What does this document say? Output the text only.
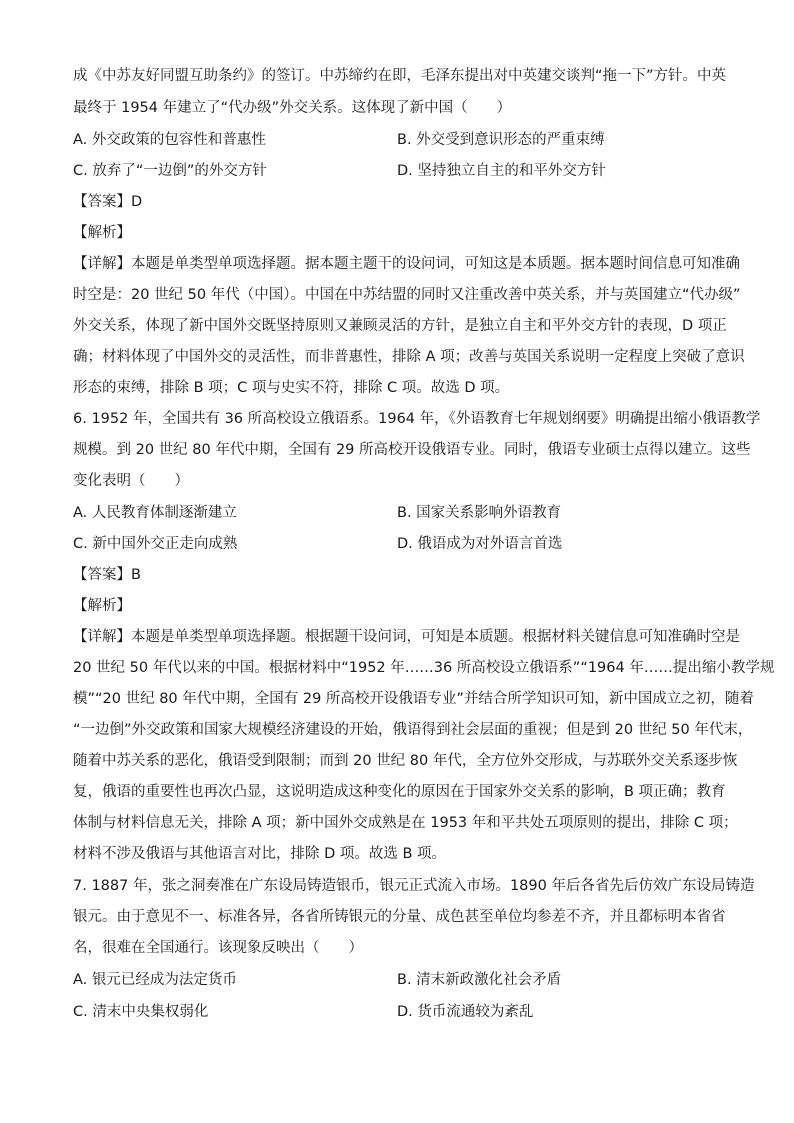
成《中苏友好同盟互助条约》的签订。中苏缔约在即，毛泽东提出对中英建交谈判“拖一下”方针。中英
最终于 1954 年建立了“代办级”外交关系。这体现了新中国（　　）
A. 外交政策的包容性和普惠性	B. 外交受到意识形态的严重束缚
C. 放弃了“一边倒”的外交方针	D. 坚持独立自主的和平外交方针
【答案】D
【解析】
【详解】本题是单类型单项选择题。据本题主题干的设问词，可知这是本质题。据本题时间信息可知准确
时空是：20 世纪 50 年代（中国）。中国在中苏结盟的同时又注重改善中英关系，并与英国建立“代办级”
外交关系，体现了新中国外交既坚持原则又兼顾灵活的方针，是独立自主和平外交方针的表现，D 项正
确；材料体现了中国外交的灵活性，而非普惠性，排除 A 项；改善与英国关系说明一定程度上突破了意识
形态的束缚，排除 B 项；C 项与史实不符，排除 C 项。故选 D 项。
6. 1952 年，全国共有 36 所高校设立俄语系。1964 年，《外语教育七年规划纲要》明确提出缩小俄语教学
规模。到 20 世纪 80 年代中期，全国有 29 所高校开设俄语专业。同时，俄语专业硕士点得以建立。这些
变化表明（　　）
A. 人民教育体制逐渐建立	B. 国家关系影响外语教育
C. 新中国外交正走向成熟	D. 俄语成为对外语言首选
【答案】B
【解析】
【详解】本题是单类型单项选择题。根据题干设问词，可知是本质题。根据材料关键信息可知准确时空是
20 世纪 50 年代以来的中国。根据材料中“1952 年……36 所高校设立俄语系”“1964 年……提出缩小教学规
模”“20 世纪 80 年代中期，全国有 29 所高校开设俄语专业”并结合所学知识可知，新中国成立之初，随着
“一边倒”外交政策和国家大规模经济建设的开始，俄语得到社会层面的重视；但是到 20 世纪 50 年代末，
随着中苏关系的恶化，俄语受到限制；而到 20 世纪 80 年代，全方位外交形成，与苏联外交关系逐步恢
复，俄语的重要性也再次凸显，这说明造成这种变化的原因在于国家外交关系的影响，B 项正确；教育
体制与材料信息无关，排除 A 项；新中国外交成熟是在 1953 年和平共处五项原则的提出，排除 C 项；
材料不涉及俄语与其他语言对比，排除 D 项。故选 B 项。
7. 1887 年，张之洞奏准在广东设局铸造银币，银元正式流入市场。1890 年后各省先后仿效广东设局铸造
银元。由于意见不一、标准各异，各省所铸银元的分量、成色甚至单位均参差不齐，并且都标明本省省
名，很难在全国通行。该现象反映出（　　）
A. 银元已经成为法定货币	B. 清末新政激化社会矛盾
C. 清末中央集权弱化	D. 货币流通较为紊乱
